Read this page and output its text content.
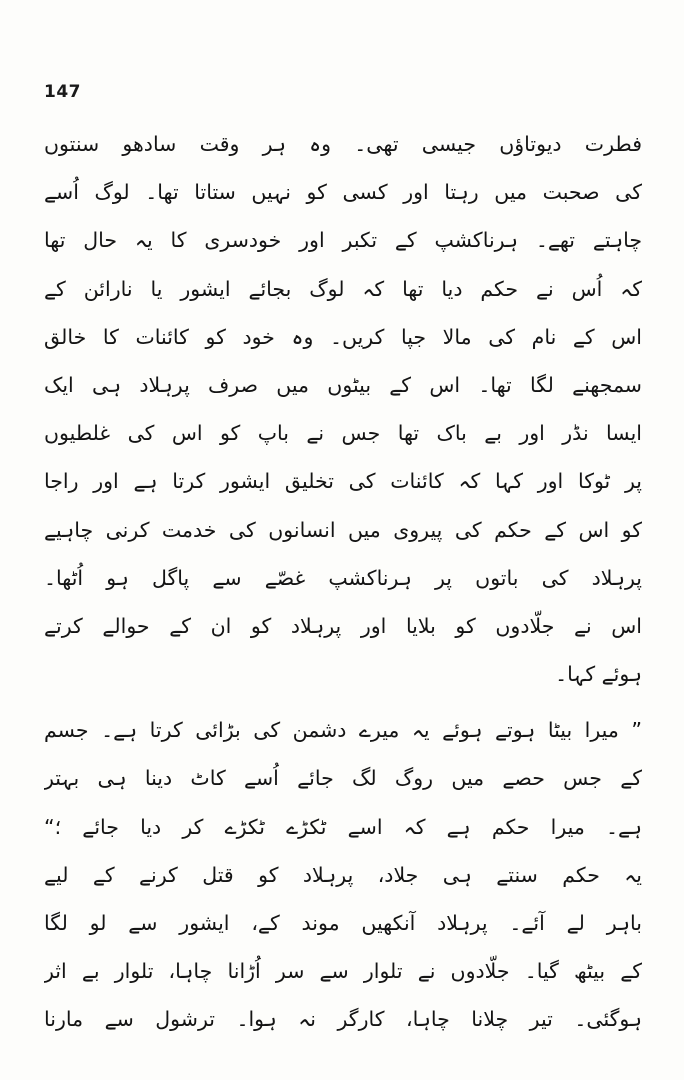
147
فطرت دیوتاؤں جیسی تھی۔ وہ ہر وقت سادھو سنتوں
کی صحبت میں رہتا اور کسی کو نہیں ستاتا تھا۔ لوگ اُسے
چاہتے تھے۔ ہرناکشپ کے تکبر اور خودسری کا یہ حال تھا
کہ اُس نے حکم دیا تھا کہ لوگ بجائے ایشور یا نارائن کے
اس کے نام کی مالا جپا کریں۔ وہ خود کو کائنات کا خالق
سمجھنے لگا تھا۔ اس کے بیٹوں میں صرف پرہلاد ہی ایک
ایسا نڈر اور بے باک تھا جس نے باپ کو اس کی غلطیوں
پر ٹوکا اور کہا کہ کائنات کی تخلیق ایشور کرتا ہے اور راجا
کو اس کے حکم کی پیروی میں انسانوں کی خدمت کرنی چاہیے
پرہلاد کی باتوں پر ہرناکشپ غصّے سے پاگل ہو اُٹھا۔
اس نے جلّادوں کو بلایا اور پرہلاد کو ان کے حوالے کرتے
ہوئے کہا۔
” میرا بیٹا ہوتے ہوئے یہ میرے دشمن کی بڑائی کرتا ہے۔ جسم
کے جس حصے میں روگ لگ جائے اُسے کاٹ دینا ہی بہتر
ہے۔ میرا حکم ہے کہ اسے ٹکڑے ٹکڑے کر دیا جائے ؛“
یہ حکم سنتے ہی جلاد، پرہلاد کو قتل کرنے کے لیے
باہر لے آئے۔ پرہلاد آنکھیں موند کے، ایشور سے لو لگا
کے بیٹھ گیا۔ جلّادوں نے تلوار سے سر اُڑانا چاہا، تلوار بے اثر
ہوگئی۔ تیر چلانا چاہا، کارگر نہ ہوا۔ ترشول سے مارنا
